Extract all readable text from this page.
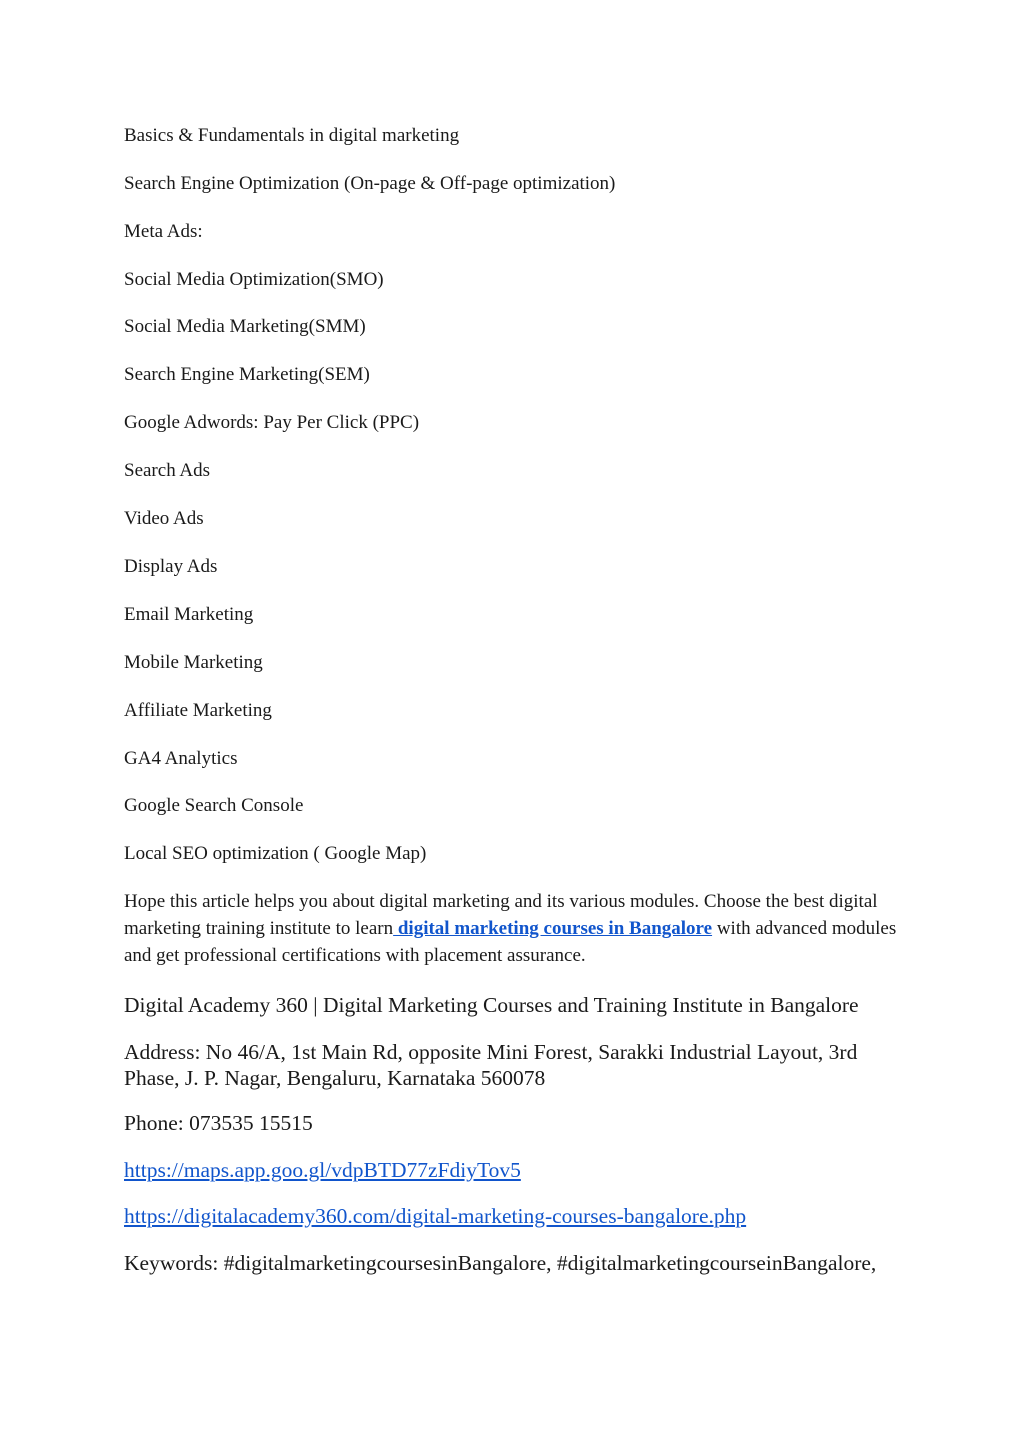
Basics & Fundamentals in digital marketing
Search Engine Optimization (On-page & Off-page optimization)
Meta Ads:
Social Media Optimization(SMO)
Social Media Marketing(SMM)
Search Engine Marketing(SEM)
Google Adwords: Pay Per Click (PPC)
Search Ads
Video Ads
Display Ads
Email Marketing
Mobile Marketing
Affiliate Marketing
GA4 Analytics
Google Search Console
Local SEO optimization ( Google Map)
Hope this article helps you about digital marketing and its various modules. Choose the best digital marketing training institute to learn digital marketing courses in Bangalore with advanced modules and get professional certifications with placement assurance.
Digital Academy 360 | Digital Marketing Courses and Training Institute in Bangalore
Address: No 46/A, 1st Main Rd, opposite Mini Forest, Sarakki Industrial Layout, 3rd Phase, J. P. Nagar, Bengaluru, Karnataka 560078
Phone: 073535 15515
https://maps.app.goo.gl/vdpBTD77zFdiyTov5
https://digitalacademy360.com/digital-marketing-courses-bangalore.php
Keywords: #digitalmarketingcoursesinBangalore, #digitalmarketingcourseinBangalore,
